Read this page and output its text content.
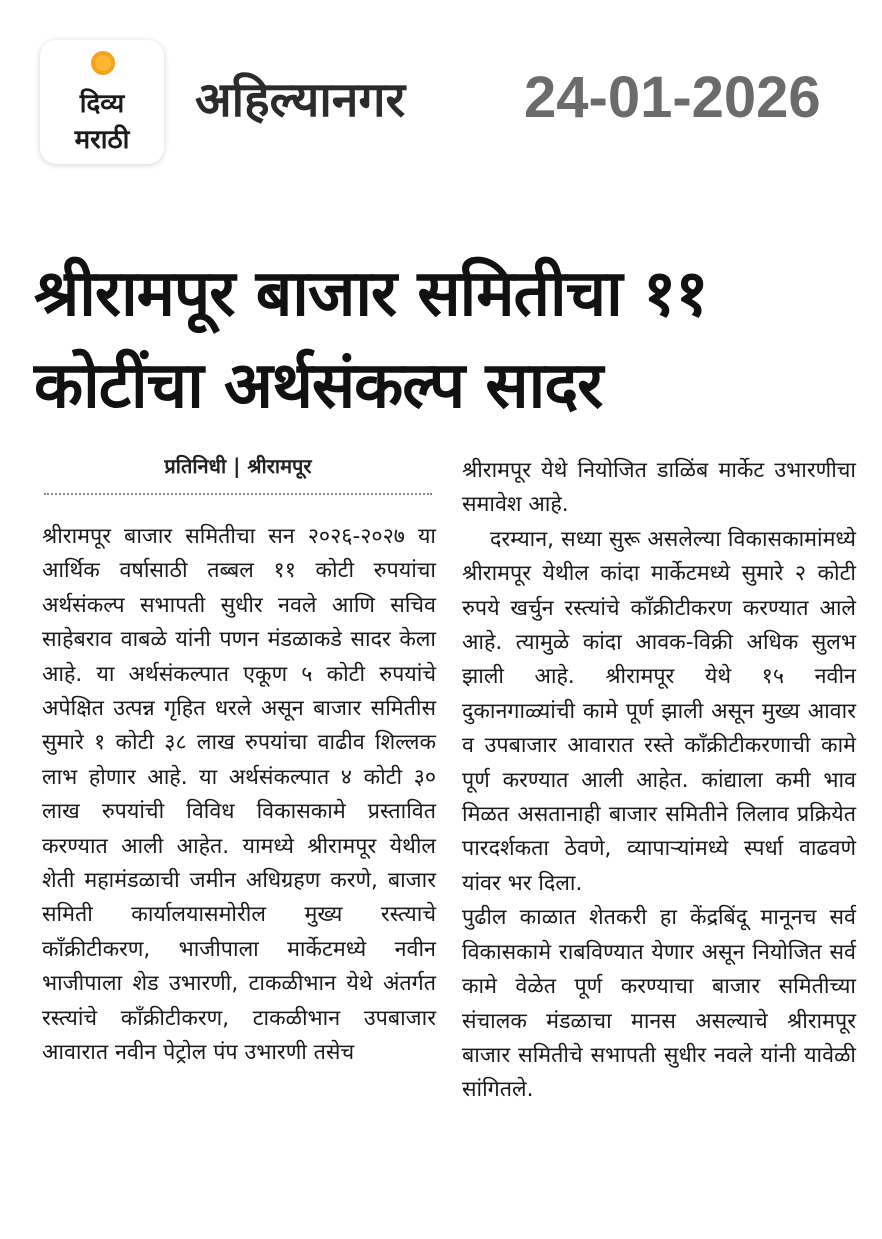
दिव्य
मराठी
अहिल्यानगर 24-01-2026
श्रीरामपूर बाजार समितीचा ११
कोटींचा अर्थसंकल्प सादर
प्रतिनिधी | श्रीरामपूर

श्रीरामपूर बाजार समितीचा सन २०२६-२०२७ या आर्थिक वर्षासाठी तब्बल ११ कोटी रुपयांचा अर्थसंकल्प सभापती सुधीर नवले आणि सचिव साहेबराव वाबळे यांनी पणन मंडळाकडे सादर केला आहे. या अर्थसंकल्पात एकूण ५ कोटी रुपयांचे अपेक्षित उत्पन्न गृहित धरले असून बाजार समितीस सुमारे १ कोटी ३८ लाख रुपयांचा वाढीव शिल्लक लाभ होणार आहे. या अर्थसंकल्पात ४ कोटी ३० लाख रुपयांची विविध विकासकामे प्रस्तावित करण्यात आली आहेत. यामध्ये श्रीरामपूर येथील शेती महामंडळाची जमीन अधिग्रहण करणे, बाजार समिती कार्यालयासमोरील मुख्य रस्त्याचे काँक्रीटीकरण, भाजीपाला मार्केटमध्ये नवीन भाजीपाला शेड उभारणी, टाकळीभान येथे अंतर्गत रस्त्यांचे काँक्रीटीकरण, टाकळीभान उपबाजार आवारात नवीन पेट्रोल पंप उभारणी तसेच

श्रीरामपूर येथे नियोजित डाळिंब मार्केट उभारणीचा समावेश आहे.

दरम्यान, सध्या सुरू असलेल्या विकासकामांमध्ये श्रीरामपूर येथील कांदा मार्केटमध्ये सुमारे २ कोटी रुपये खर्चुन रस्त्यांचे काँक्रीटीकरण करण्यात आले आहे. त्यामुळे कांदा आवक-विक्री अधिक सुलभ झाली आहे. श्रीरामपूर येथे १५ नवीन दुकानगाळ्यांची कामे पूर्ण झाली असून मुख्य आवार व उपबाजार आवारात रस्ते काँक्रीटीकरणाची कामे पूर्ण करण्यात आली आहेत. कांद्याला कमी भाव मिळत असतानाही बाजार समितीने लिलाव प्रक्रियेत पारदर्शकता ठेवणे, व्यापाऱ्यांमध्ये स्पर्धा वाढवणे यांवर भर दिला.

पुढील काळात शेतकरी हा केंद्रबिंदू मानूनच सर्व विकासकामे राबविण्यात येणार असून नियोजित सर्व कामे वेळेत पूर्ण करण्याचा बाजार समितीच्या संचालक मंडळाचा मानस असल्याचे श्रीरामपूर बाजार समितीचे सभापती सुधीर नवले यांनी यावेळी सांगितले.
